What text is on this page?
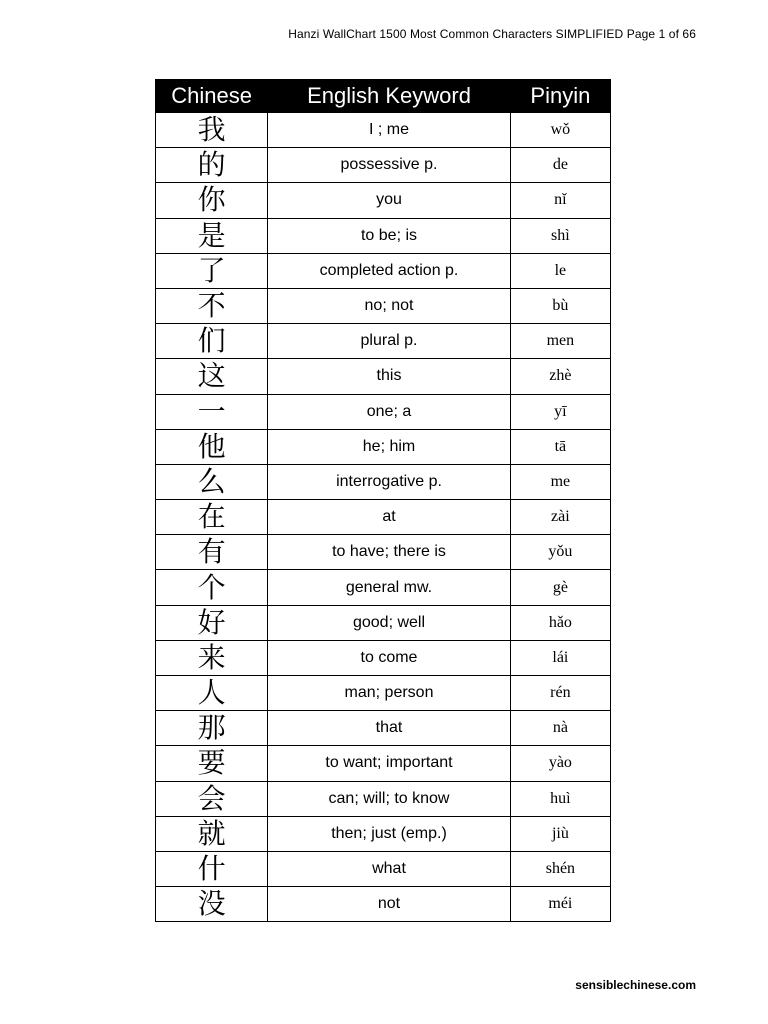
Hanzi WallChart 1500 Most Common Characters SIMPLIFIED Page 1 of 66
Chinese	English Keyword	Pinyin
我	I ; me	wǒ
的	possessive p.	de
你	you	nǐ
是	to be; is	shì
了	completed action p.	le
不	no; not	bù
们	plural p.	men
这	this	zhè
一	one; a	yī
他	he; him	tā
么	interrogative p.	me
在	at	zài
有	to have; there is	yǒu
个	general mw.	gè
好	good; well	hǎo
来	to come	lái
人	man; person	rén
那	that	nà
要	to want; important	yào
会	can; will; to know	huì
就	then; just (emp.)	jiù
什	what	shén
没	not	méi
sensiblechinese.com
